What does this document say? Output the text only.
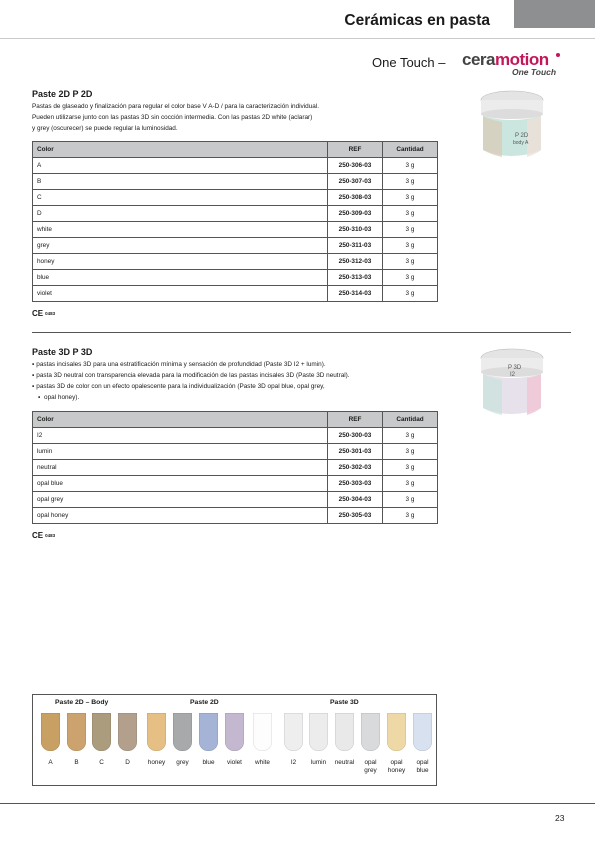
Cerámicas en pasta
One Touch – ceramotion
One Touch
Paste 2D P 2D

Pastas de glaseado y finalización para regular el color base V A-D / para la caracterización individual.

Pueden utilizarse junto con las pastas 3D sin cocción intermedia. Con las pastas 2D white (aclarar)

y grey (oscurecer) se puede regular la luminosidad.

Color	REF	Cantidad
A	250-306-03	3 g
B	250-307-03	3 g
C	250-308-03	3 g
D	250-309-03	3 g
white	250-310-03	3 g
grey	250-311-03	3 g
honey	250-312-03	3 g
blue	250-313-03	3 g
violet	250-314-03	3 g
CE 0483
P 2D
body A
Paste 3D P 3D
▪ pastas incisales 3D para una estratificación mínima y sensación de profundidad (Paste 3D I2 + lumin).
▪ pasta 3D neutral con transparencia elevada para la modificación de las pastas incisales 3D (Paste 3D neutral).
▪ pastas 3D de color con un efecto opalescente para la individualización (Paste 3D opal blue, opal grey,
▪ opal honey).
Color	REF	Cantidad
I2	250-300-03	3 g
lumin	250-301-03	3 g
neutral	250-302-03	3 g
opal blue	250-303-03	3 g
opal grey	250-304-03	3 g
opal honey	250-305-03	3 g
CE 0483
P 3D
I2
Paste 2D – Body	Paste 2D	Paste 3D
A	B	C	D	honey	grey	blue	violet	white	I2	lumin	neutral	opal
grey
opal
honey
opal
blue
23
